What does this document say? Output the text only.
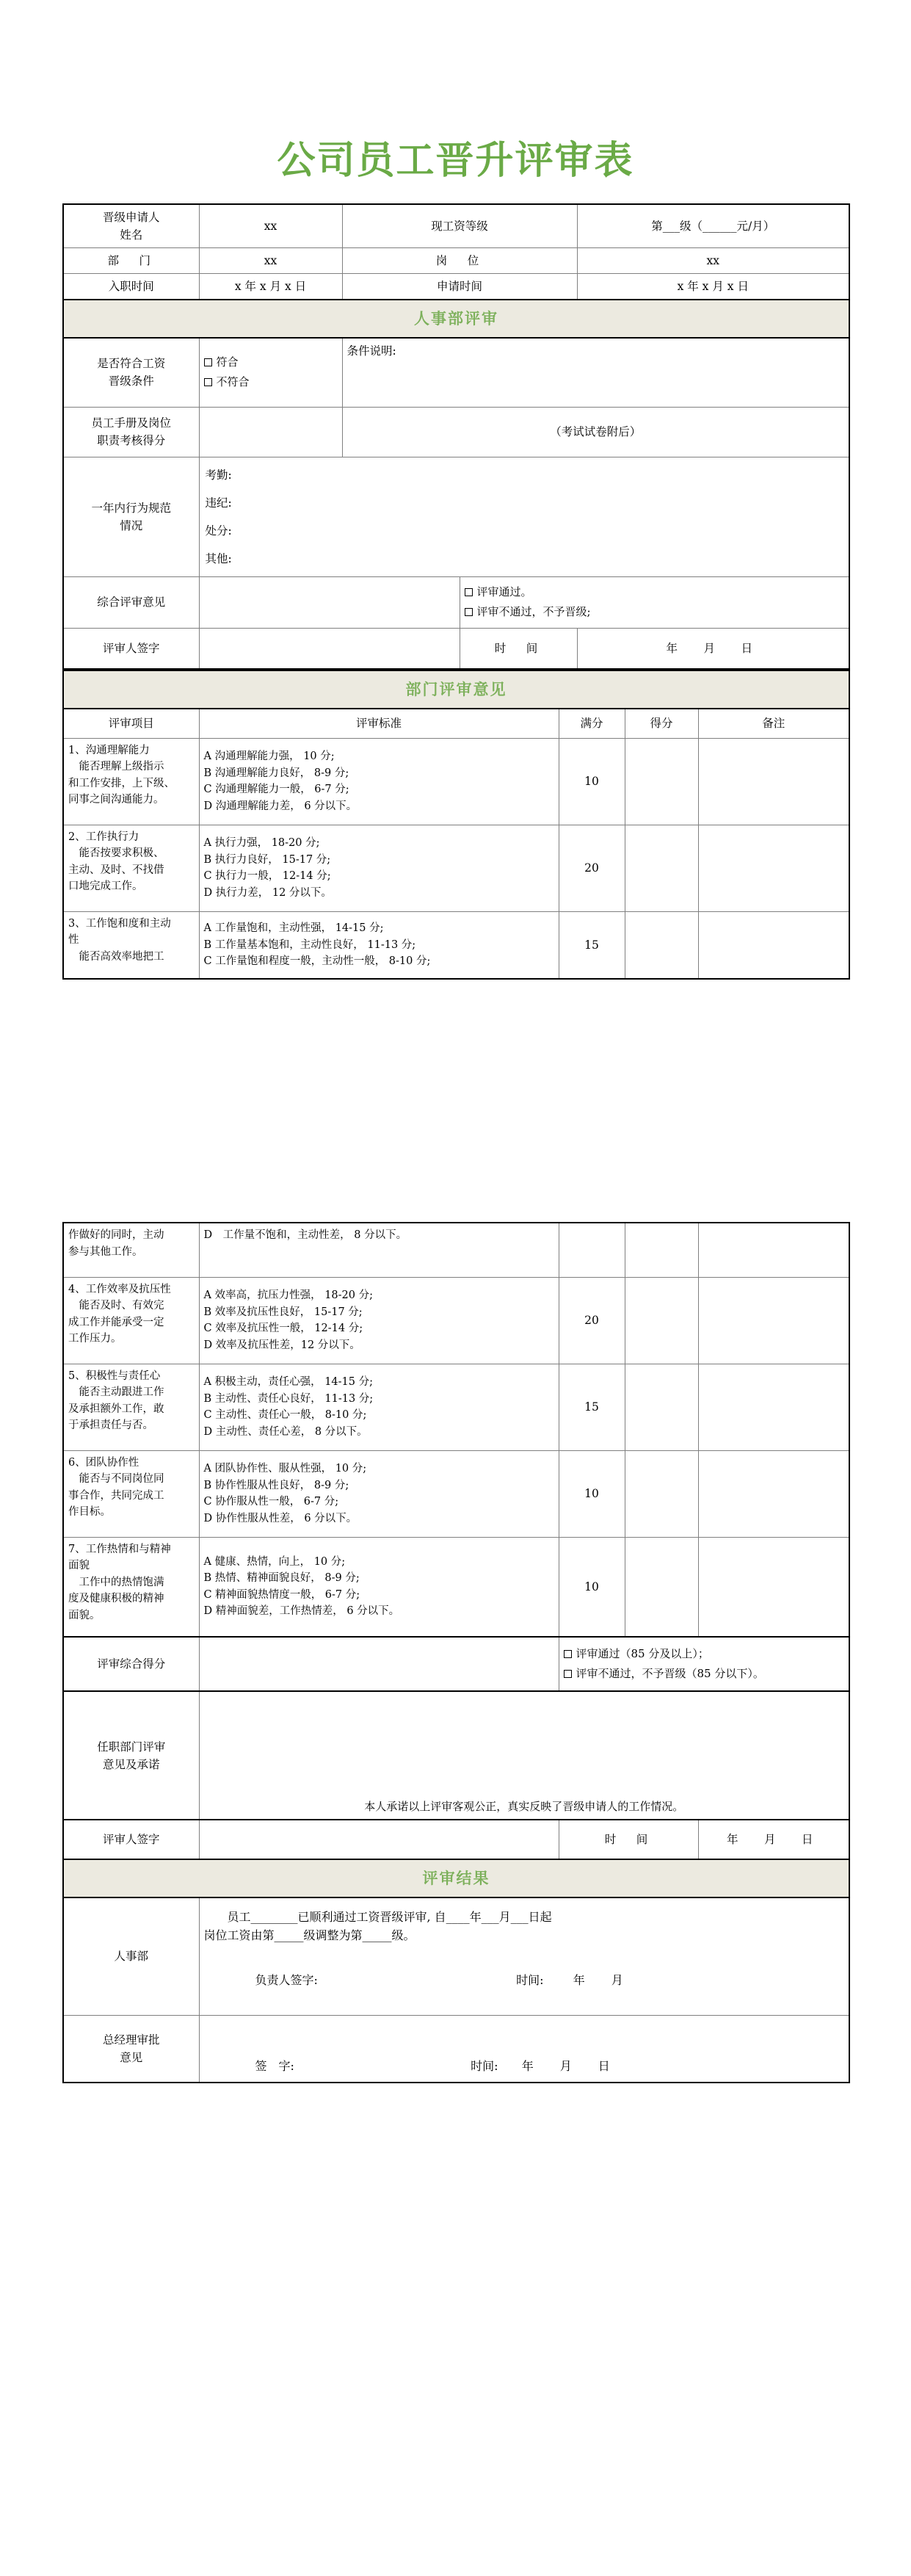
公司员工晋升评审表
晋级申请人
姓名	xx	现工资等级		第___级（______元/月）
部　门	xx	岗　位		xx
入职时间	x 年 x 月 x 日	申请时间		x 年 x 月 x 日
人事部评审				
是否符合工资
晋级条件	符合
不符合	条件说明:		
员工手册及岗位
职责考核得分		（考试试卷附后）		
一年内行为规范
情况	考勤:
违纪:
处分:
其他:			

综合评审意见			评审通过。
评审不通过，不予晋级;	

评审人签字			时　间	年　月　日
部门评审意见				
评审项目	评审标准	满分	得分	备注
1、沟通理解能力
　能否理解上级指示
和工作安排，上下级、
同事之间沟通能力。	A 沟通理解能力强， 10 分;
B 沟通理解能力良好， 8-9 分;
C 沟通理解能力一般， 6-7 分;
D 沟通理解能力差， 6 分以下。	10		
2、工作执行力
　能否按要求积极、
主动、及时、不找借
口地完成工作。	A 执行力强， 18-20 分;
B 执行力良好， 15-17 分;
C 执行力一般， 12-14 分;
D 执行力差， 12 分以下。	20		
3、工作饱和度和主动
性
　能否高效率地把工	A 工作量饱和，主动性强， 14-15 分;
B 工作量基本饱和，主动性良好， 11-13 分;
C 工作量饱和程度一般，主动性一般， 8-10 分;	15		
作做好的同时，主动
参与其他工作。	D　工作量不饱和，主动性差， 8 分以下。			

4、工作效率及抗压性
　能否及时、有效完
成工作并能承受一定
工作压力。	A 效率高，抗压力性强， 18-20 分;
B 效率及抗压性良好， 15-17 分;
C 效率及抗压性一般， 12-14 分;
D 效率及抗压性差，12 分以下。	20		
5、积极性与责任心
　能否主动跟进工作
及承担额外工作，敢
于承担责任与否。	A 积极主动，责任心强， 14-15 分;
B 主动性、责任心良好， 11-13 分;
C 主动性、责任心一般， 8-10 分;
D 主动性、责任心差， 8 分以下。	15		
6、团队协作性
　能否与不同岗位同
事合作，共同完成工
作目标。	A 团队协作性、服从性强， 10 分;
B 协作性服从性良好， 8-9 分;
C 协作服从性一般， 6-7 分;
D 协作性服从性差， 6 分以下。	10		
7、工作热情和与精神
面貌
　工作中的热情饱满
度及健康积极的精神
面貌。	A 健康、热情，向上， 10 分;
B 热情、精神面貌良好， 8-9 分;
C 精神面貌热情度一般， 6-7 分;
D 精神面貌差，工作热情差， 6 分以下。	10		
评审综合得分		评审通过（85 分及以上）；
评审不通过，不予晋级（85 分以下）。		

任职部门评审
意见及承诺	本人承诺以上评审客观公正，真实反映了晋级申请人的工作情况。			

评审人签字		时　间		年　月　日
评审结果				
人事部	员工________已顺利通过工资晋级评审, 自____年___月___日起
岗位工资由第_____级调整为第_____级。
负责人签字: 时间: 年　月			

总经理审批
意见	签　字: 时间: 年　月　日			
